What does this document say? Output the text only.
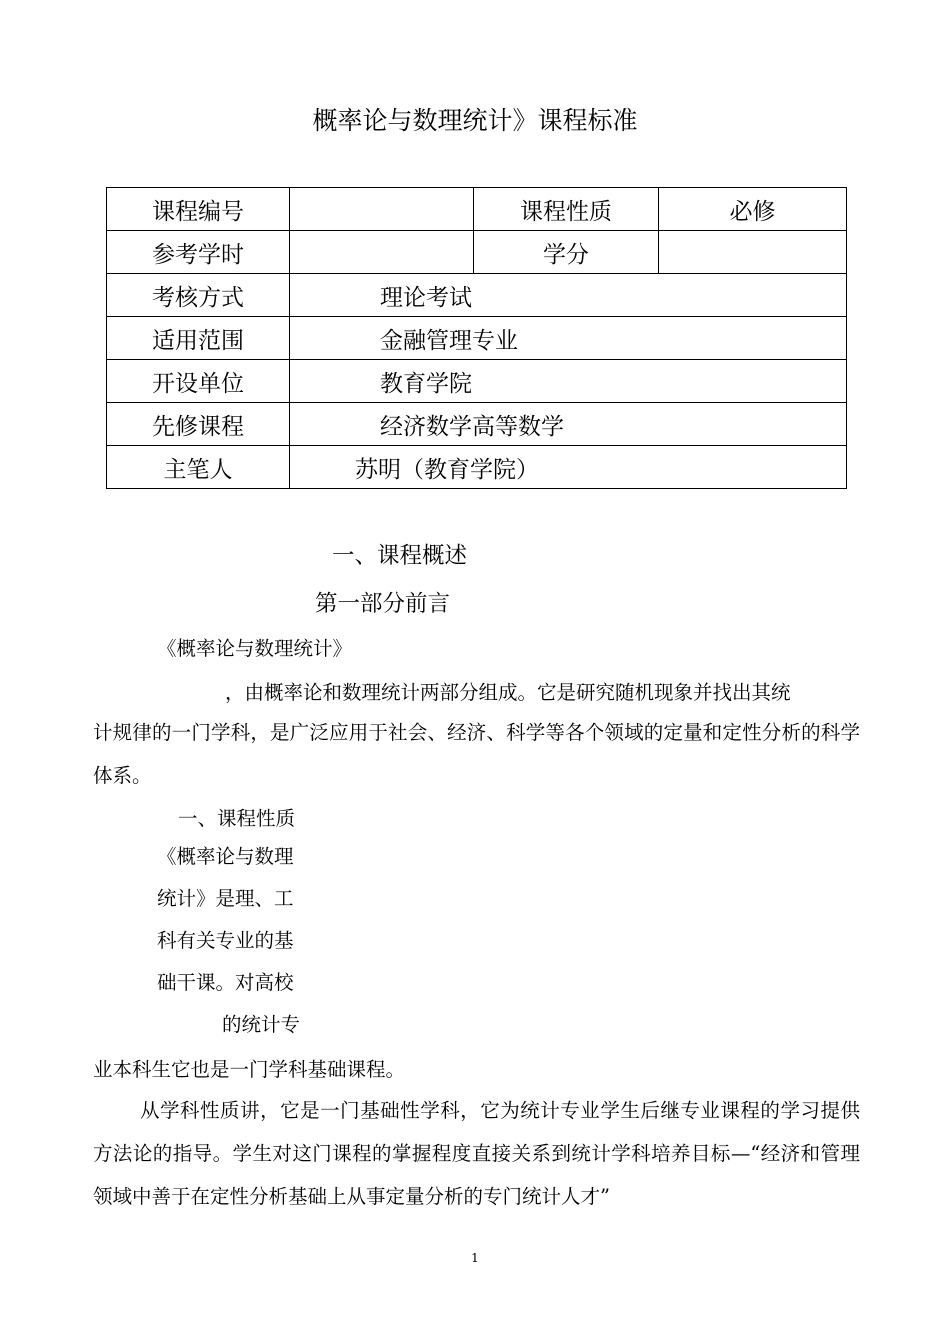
概率论与数理统计》课程标准
课程编号		课程性质	必修
参考学时		学分	
考核方式	理论考试		
适用范围	金融管理专业		
开设单位	教育学院		
先修课程	经济数学高等数学		
主笔人	苏明（教育学院）		
一、课程概述
第一部分前言
《概率论与数理统计》
，由概率论和数理统计两部分组成。它是研究随机现象并找出其统
计规律的一门学科，是广泛应用于社会、经济、科学等各个领域的定量和定性分析的科学体系。
一、课程性质
《概率论与数理
统计》是理、工
科有关专业的基
础干课。对高校
的统计专
业本科生它也是一门学科基础课程。
从学科性质讲，它是一门基础性学科，它为统计专业学生后继专业课程的学习提供方法论的指导。学生对这门课程的掌握程度直接关系到统计学科培养目标—“经济和管理领域中善于在定性分析基础上从事定量分析的专门统计人才”
1
